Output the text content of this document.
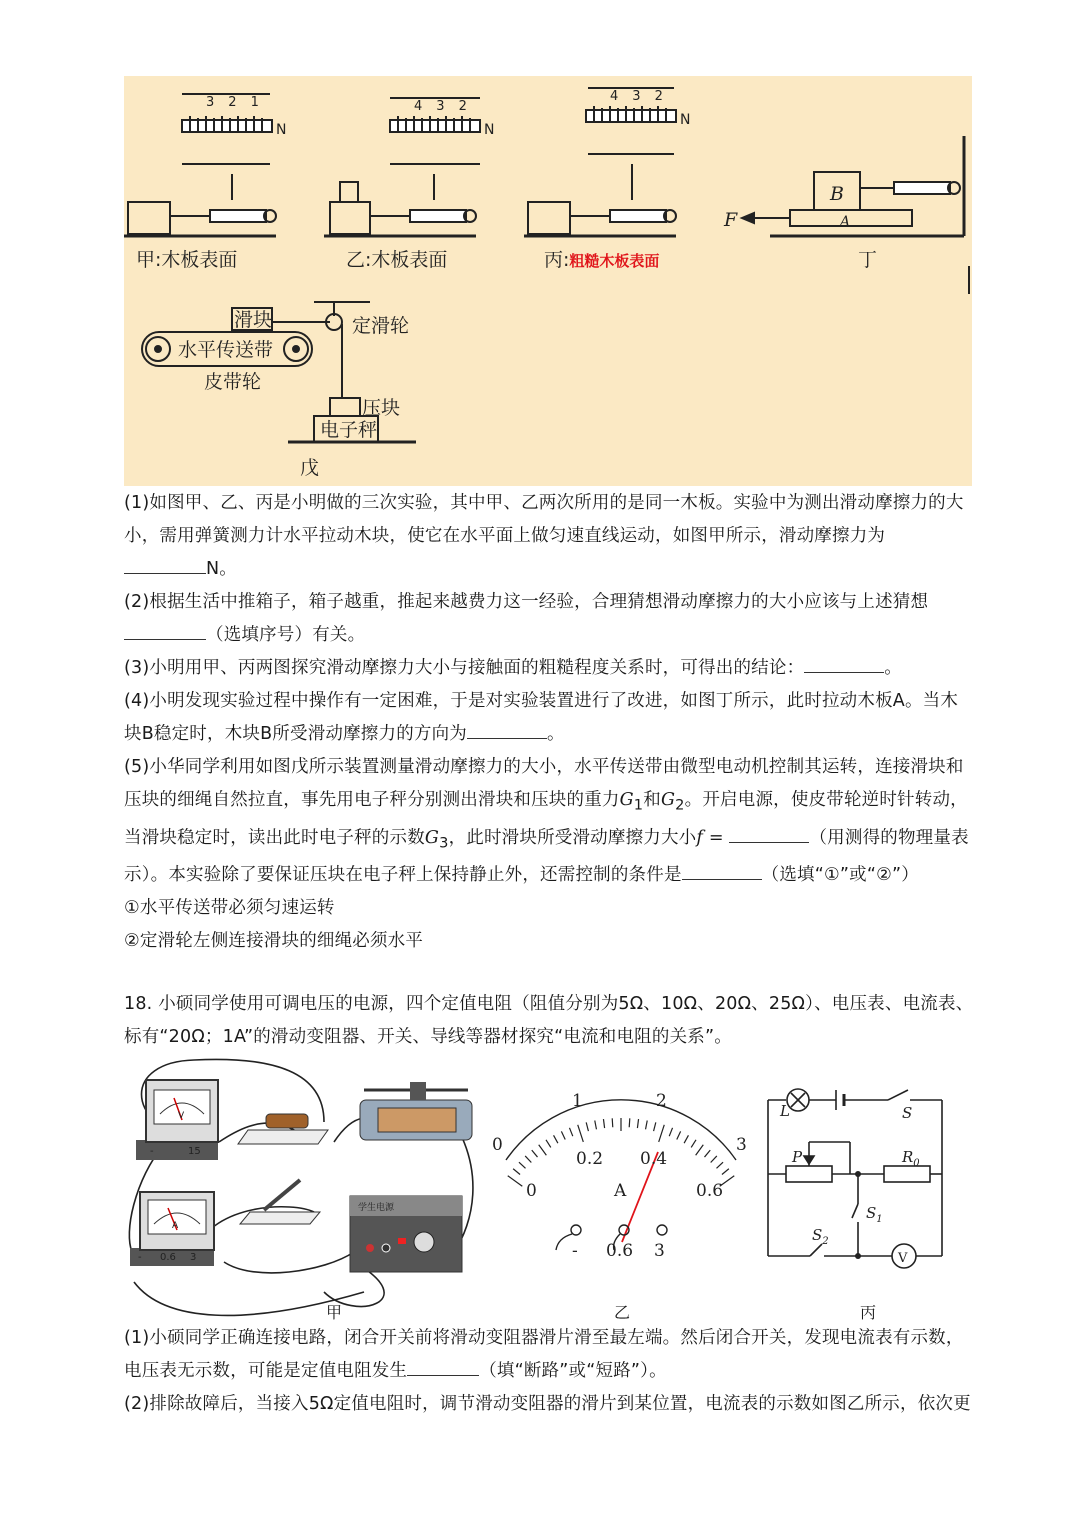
3 2 1	4 3 2
4 3 2
N	N
N
甲:木板表面	乙:木板表面	丙:粗糙木板表面	丁
B
A
F
滑块	定滑轮
水平传送带
皮带轮
压块
电子秤
戊

(1)如图甲、乙、丙是小明做的三次实验，其中甲、乙两次所用的是同一木板。实验中为测出滑动摩擦力的大

小，需用弹簧测力计水平拉动木块，使它在水平面上做匀速直线运动，如图甲所示，滑动摩擦力为

N。

(2)根据生活中推箱子，箱子越重，推起来越费力这一经验，合理猜想滑动摩擦力的大小应该与上述猜想

（选填序号）有关。

(3)小明用甲、丙两图探究滑动摩擦力大小与接触面的粗糙程度关系时，可得出的结论：	。

(4)小明发现实验过程中操作有一定困难，于是对实验装置进行了改进，如图丁所示，此时拉动木板A。当木

块B稳定时，木块B所受滑动摩擦力的方向为	。

(5)小华同学利用如图戊所示装置测量滑动摩擦力的大小，水平传送带由微型电动机控制其运转，连接滑块和

压块的细绳自然拉直，事先用电子秤分别测出滑块和压块的重力$G_1$和$G_2$。开启电源，使皮带轮逆时针转动，

当滑块稳定时，读出此时电子秤的示数$G_3$，此时滑块所受滑动摩擦力大小f =	（用测得的物理量表

示）。本实验除了要保证压块在电子秤上保持静止外，还需控制的条件是	（选填“①”或“②”）

①水平传送带必须匀速运转

②定滑轮左侧连接滑块的细绳必须水平

18. 小硕同学使用可调电压的电源，四个定值电阻（阻值分别为5Ω、10Ω、20Ω、25Ω）、电压表、电流表、

标有“20Ω；1A”的滑动变阻器、开关、导线等器材探究“电流和电阻的关系”。

V
-	15
A
- 0.6 3
学生电源
0
1	2
3
0
0.2 0.4
0.6
A
- 0.6 3
L	S
P	$R_0$
$S_1$
$S_2$
V
甲	乙	丙

(1)小硕同学正确连接电路，闭合开关前将滑动变阻器滑片滑至最左端。然后闭合开关，发现电流表有示数，

电压表无示数，可能是定值电阻发生	（填“断路”或“短路”）。

(2)排除故障后，当接入5Ω定值电阻时，调节滑动变阻器的滑片到某位置，电流表的示数如图乙所示，依次更
